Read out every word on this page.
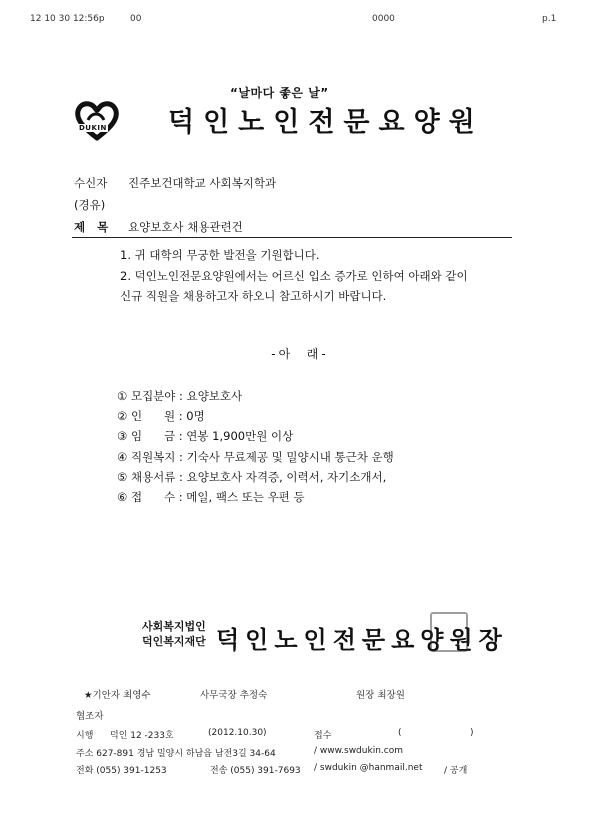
12 10 30 12:56p	00	0000	p.1
“날마다 좋은 날”
DUKIN 덕인노인전문요양원
수신자 진주보건대학교 사회복지학과
(경유)
제   목 요양보호사 채용관련건
1. 귀 대학의 무궁한 발전을 기원합니다.
2. 덕인노인전문요양원에서는 어르신 입소 증가로 인하여 아래와 같이
신규 직원을 채용하고자 하오니 참고하시기 바랍니다.
-아  래-
① 모집분야 : 요양보호사
② 인      원 : 0명
③ 임      금 : 연봉 1,900만원 이상
④ 직원복지 : 기숙사 무료제공 및 밀양시내 통근차 운행
⑤ 채용서류 : 요양보호사 자격증, 이력서, 자기소개서,
⑥ 접      수 : 메일, 팩스 또는 우편 등
사회복지법인
덕인복지재단 덕인노인전문요양원장
★기안자 최영수	사무국장 추정숙	원장 최장원
협조자
시행 덕인 12 -233호	(2012.10.30)	접수	(	)
주소 627-891 경남 밀양시 하남읍 남전3길 34-64	/ www.swdukin.com
전화 (055) 391-1253	전송 (055) 391-7693 / swdukin @hanmail.net / 공개
